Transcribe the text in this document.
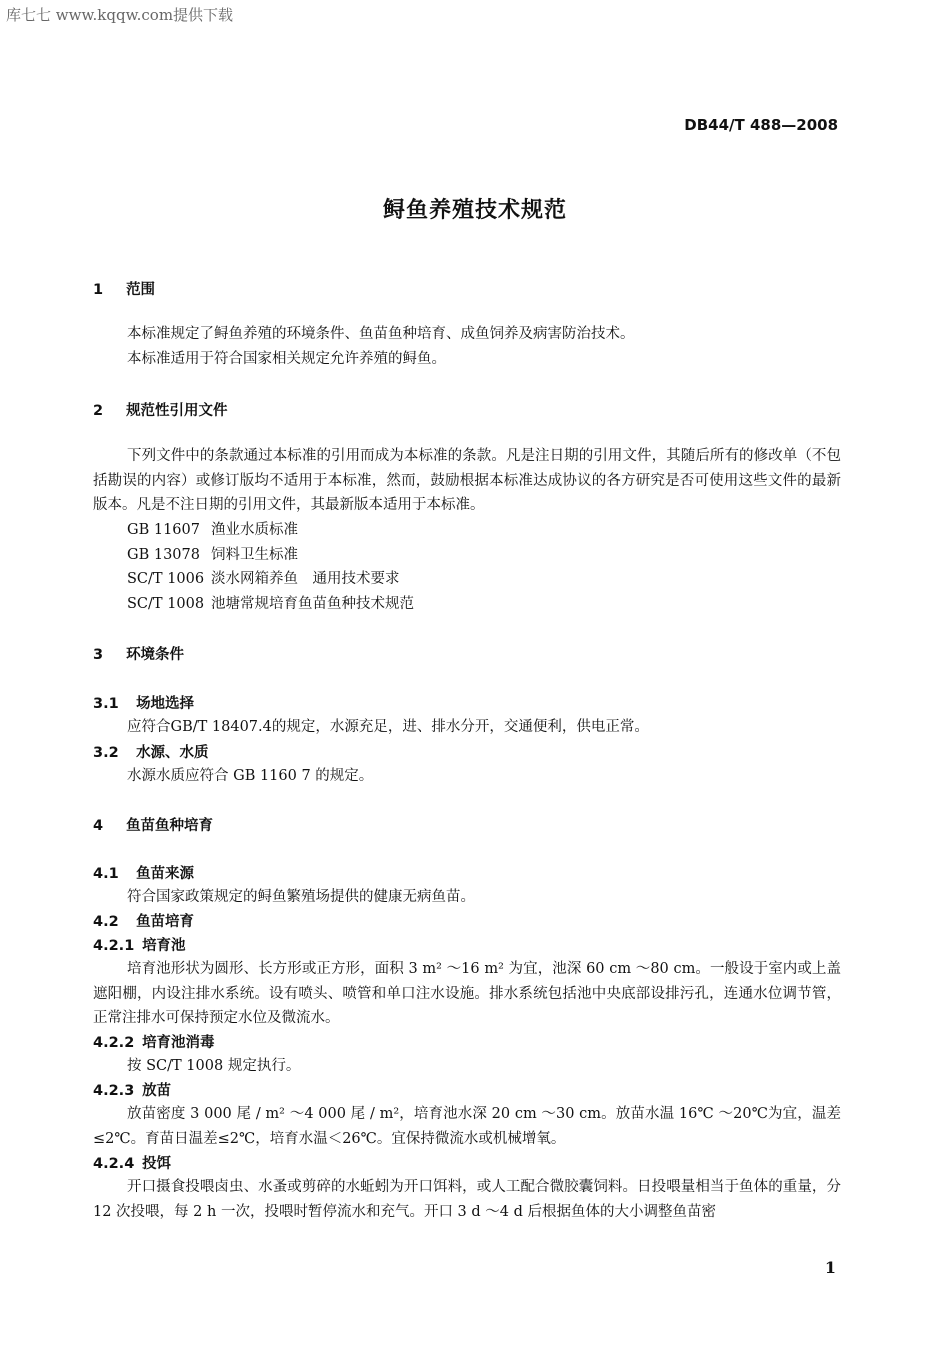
库七七 www.kqqw.com提供下载
DB44/T 488—2008
鲟鱼养殖技术规范
1 范围
本标准规定了鲟鱼养殖的环境条件、鱼苗鱼种培育、成鱼饲养及病害防治技术。
本标准适用于符合国家相关规定允许养殖的鲟鱼。
2 规范性引用文件
下列文件中的条款通过本标准的引用而成为本标准的条款。凡是注日期的引用文件，其随后所有的修改单（不包括勘误的内容）或修订版均不适用于本标准，然而，鼓励根据本标准达成协议的各方研究是否可使用这些文件的最新版本。凡是不注日期的引用文件，其最新版本适用于本标准。
GB 11607 渔业水质标准
GB 13078 饲料卫生标准
SC/T 1006 淡水网箱养鱼　通用技术要求
SC/T 1008 池塘常规培育鱼苗鱼种技术规范
3 环境条件
3.1 场地选择
应符合GB/T 18407.4的规定，水源充足，进、排水分开，交通便利，供电正常。
3.2 水源、水质
水源水质应符合 GB 1160 7 的规定。
4 鱼苗鱼种培育
4.1 鱼苗来源
符合国家政策规定的鲟鱼繁殖场提供的健康无病鱼苗。
4.2 鱼苗培育
4.2.1 培育池
培育池形状为圆形、长方形或正方形，面积 3 m² ～16 m² 为宜，池深 60 cm ～80 cm。一般设于室内或上盖遮阳棚，内设注排水系统。设有喷头、喷管和单口注水设施。排水系统包括池中央底部设排污孔，连通水位调节管，正常注排水可保持预定水位及微流水。
4.2.2 培育池消毒
按 SC/T 1008 规定执行。
4.2.3 放苗
放苗密度 3 000 尾 / m² ～4 000 尾 / m²，培育池水深 20 cm ～30 cm。放苗水温 16℃ ～20℃为宜，温差≤2℃。育苗日温差≤2℃，培育水温＜26℃。宜保持微流水或机械增氧。
4.2.4 投饵
开口摄食投喂卤虫、水蚤或剪碎的水蚯蚓为开口饵料，或人工配合微胶囊饲料。日投喂量相当于鱼体的重量，分 12 次投喂，每 2 h 一次，投喂时暂停流水和充气。开口 3 d ～4 d 后根据鱼体的大小调整鱼苗密
1
